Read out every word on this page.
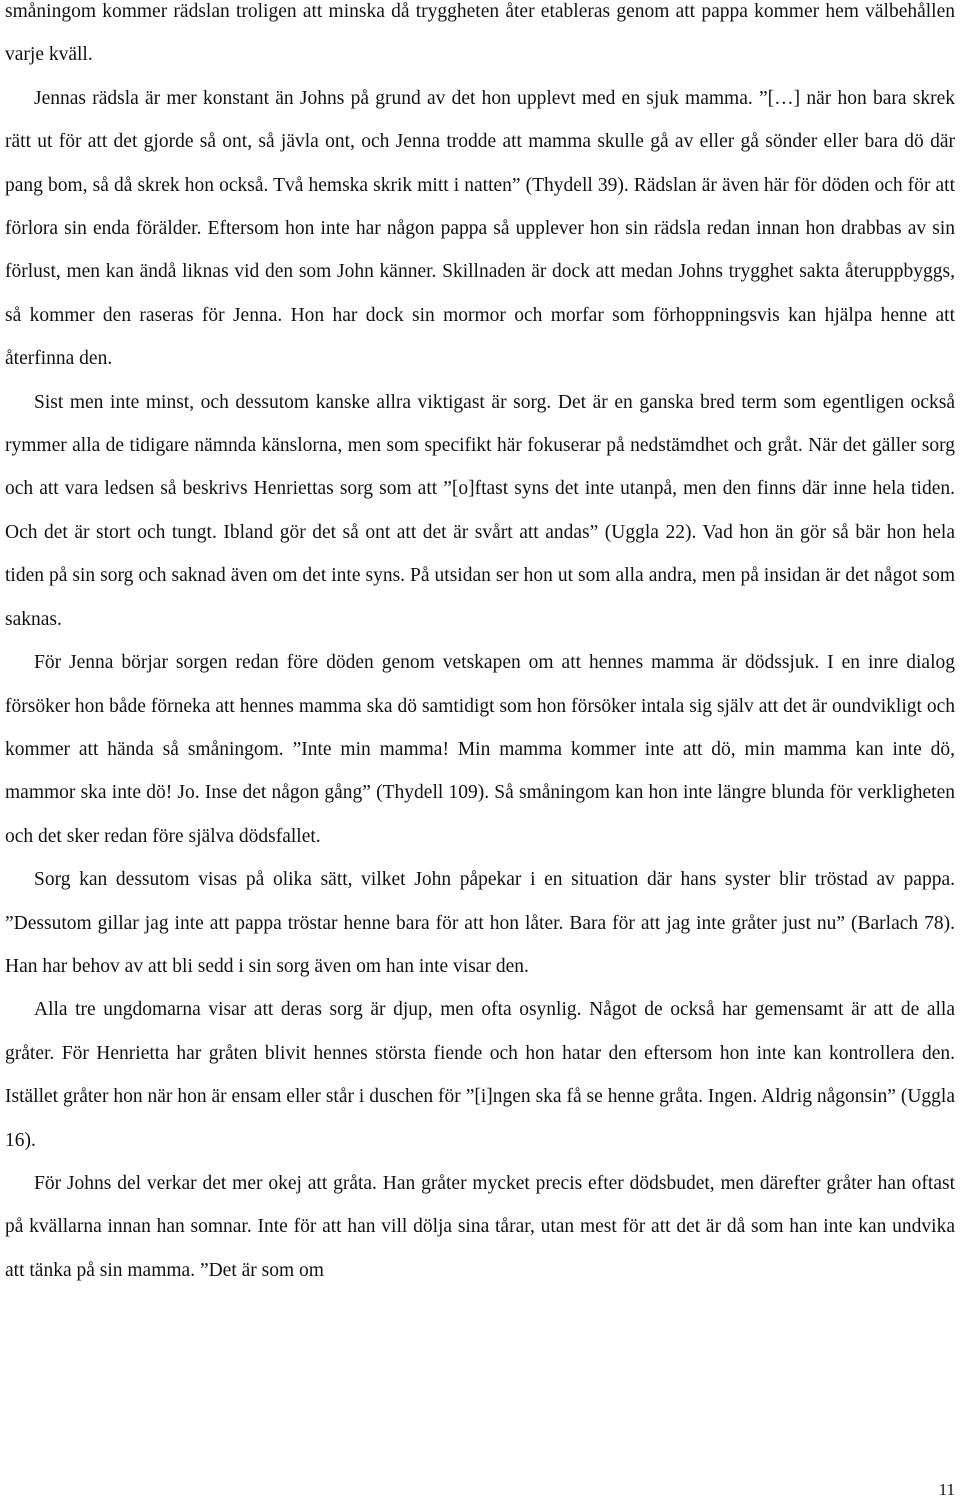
småningom kommer rädslan troligen att minska då tryggheten åter etableras genom att pappa kommer hem välbehållen varje kväll.

Jennas rädsla är mer konstant än Johns på grund av det hon upplevt med en sjuk mamma. ”[…] när hon bara skrek rätt ut för att det gjorde så ont, så jävla ont, och Jenna trodde att mamma skulle gå av eller gå sönder eller bara dö där pang bom, så då skrek hon också. Två hemska skrik mitt i natten” (Thydell 39). Rädslan är även här för döden och för att förlora sin enda förälder. Eftersom hon inte har någon pappa så upplever hon sin rädsla redan innan hon drabbas av sin förlust, men kan ändå liknas vid den som John känner. Skillnaden är dock att medan Johns trygghet sakta återuppbyggs, så kommer den raseras för Jenna. Hon har dock sin mormor och morfar som förhoppningsvis kan hjälpa henne att återfinna den.

Sist men inte minst, och dessutom kanske allra viktigast är sorg. Det är en ganska bred term som egentligen också rymmer alla de tidigare nämnda känslorna, men som specifikt här fokuserar på nedstämdhet och gråt. När det gäller sorg och att vara ledsen så beskrivs Henriettas sorg som att ”[o]ftast syns det inte utanpå, men den finns där inne hela tiden. Och det är stort och tungt. Ibland gör det så ont att det är svårt att andas” (Uggla 22). Vad hon än gör så bär hon hela tiden på sin sorg och saknad även om det inte syns. På utsidan ser hon ut som alla andra, men på insidan är det något som saknas.

För Jenna börjar sorgen redan före döden genom vetskapen om att hennes mamma är dödssjuk. I en inre dialog försöker hon både förneka att hennes mamma ska dö samtidigt som hon försöker intala sig själv att det är oundvikligt och kommer att hända så småningom. ”Inte min mamma! Min mamma kommer inte att dö, min mamma kan inte dö, mammor ska inte dö! Jo. Inse det någon gång” (Thydell 109). Så småningom kan hon inte längre blunda för verkligheten och det sker redan före själva dödsfallet.

Sorg kan dessutom visas på olika sätt, vilket John påpekar i en situation där hans syster blir tröstad av pappa. ”Dessutom gillar jag inte att pappa tröstar henne bara för att hon låter. Bara för att jag inte gråter just nu” (Barlach 78). Han har behov av att bli sedd i sin sorg även om han inte visar den.

Alla tre ungdomarna visar att deras sorg är djup, men ofta osynlig. Något de också har gemensamt är att de alla gråter. För Henrietta har gråten blivit hennes största fiende och hon hatar den eftersom hon inte kan kontrollera den. Istället gråter hon när hon är ensam eller står i duschen för ”[i]ngen ska få se henne gråta. Ingen. Aldrig någonsin” (Uggla 16).

För Johns del verkar det mer okej att gråta. Han gråter mycket precis efter dödsbudet, men därefter gråter han oftast på kvällarna innan han somnar. Inte för att han vill dölja sina tårar, utan mest för att det är då som han inte kan undvika att tänka på sin mamma. ”Det är som om

11
